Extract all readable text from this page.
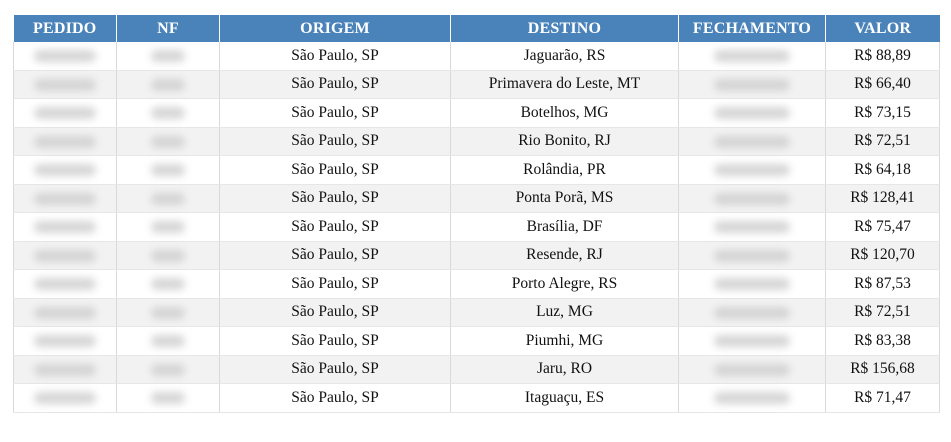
PEDIDO	NF	ORIGEM	DESTINO	FECHAMENTO	VALOR
		São Paulo, SP	Jaguarão, RS		R$ 88,89
		São Paulo, SP	Primavera do Leste, MT		R$ 66,40
		São Paulo, SP	Botelhos, MG		R$ 73,15
		São Paulo, SP	Rio Bonito, RJ		R$ 72,51
		São Paulo, SP	Rolândia, PR		R$ 64,18
		São Paulo, SP	Ponta Porã, MS		R$ 128,41
		São Paulo, SP	Brasília, DF		R$ 75,47
		São Paulo, SP	Resende, RJ		R$ 120,70
		São Paulo, SP	Porto Alegre, RS		R$ 87,53
		São Paulo, SP	Luz, MG		R$ 72,51
		São Paulo, SP	Piumhi, MG		R$ 83,38
		São Paulo, SP	Jaru, RO		R$ 156,68
		São Paulo, SP	Itaguaçu, ES		R$ 71,47
